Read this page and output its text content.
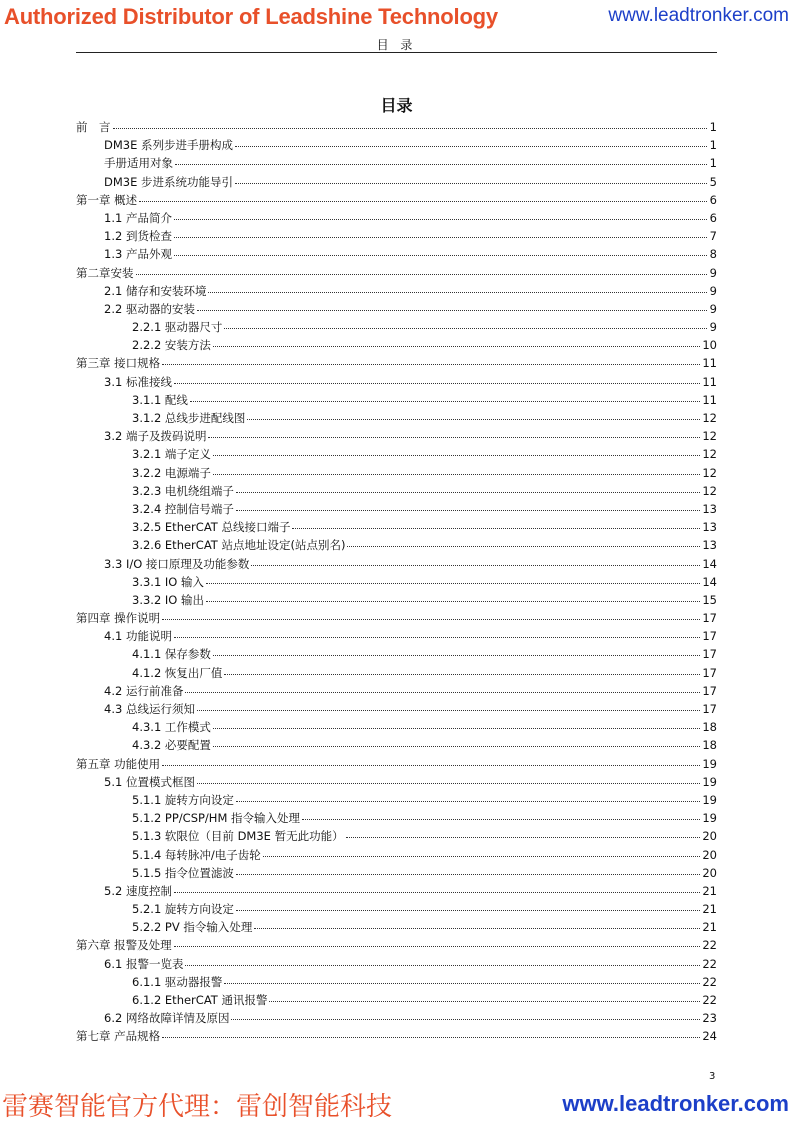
Authorized Distributor of Leadshine Technology	www.leadtronker.com
目 录
目录
前　言	1
DM3E 系列步进手册构成	1
手册适用对象	1
DM3E 步进系统功能导引	5
第一章 概述	6
1.1 产品简介	6
1.2 到货检查	7
1.3 产品外观	8
第二章安装	9
2.1 储存和安装环境	9
2.2 驱动器的安装	9
2.2.1 驱动器尺寸	9
2.2.2 安装方法	10
第三章 接口规格	11
3.1 标准接线	11
3.1.1 配线	11
3.1.2 总线步进配线图	12
3.2 端子及拨码说明	12
3.2.1 端子定义	12
3.2.2 电源端子	12
3.2.3 电机绕组端子	12
3.2.4 控制信号端子	13
3.2.5 EtherCAT 总线接口端子	13
3.2.6 EtherCAT 站点地址设定(站点别名)	13
3.3 I/O 接口原理及功能参数	14
3.3.1 IO 输入	14
3.3.2 IO 输出	15
第四章 操作说明	17
4.1 功能说明	17
4.1.1 保存参数	17
4.1.2 恢复出厂值	17
4.2 运行前准备	17
4.3 总线运行须知	17
4.3.1 工作模式	18
4.3.2 必要配置	18
第五章 功能使用	19
5.1 位置模式框图	19
5.1.1 旋转方向设定	19
5.1.2 PP/CSP/HM 指令输入处理	19
5.1.3 软限位（目前 DM3E 暂无此功能）	20
5.1.4 每转脉冲/电子齿轮	20
5.1.5 指令位置滤波	20
5.2 速度控制	21
5.2.1 旋转方向设定	21
5.2.2 PV 指令输入处理	21
第六章 报警及处理	22
6.1 报警一览表	22
6.1.1 驱动器报警	22
6.1.2 EtherCAT 通讯报警	22
6.2 网络故障详情及原因	23
第七章 产品规格	24
3
雷赛智能官方代理：雷创智能科技	www.leadtronker.com
